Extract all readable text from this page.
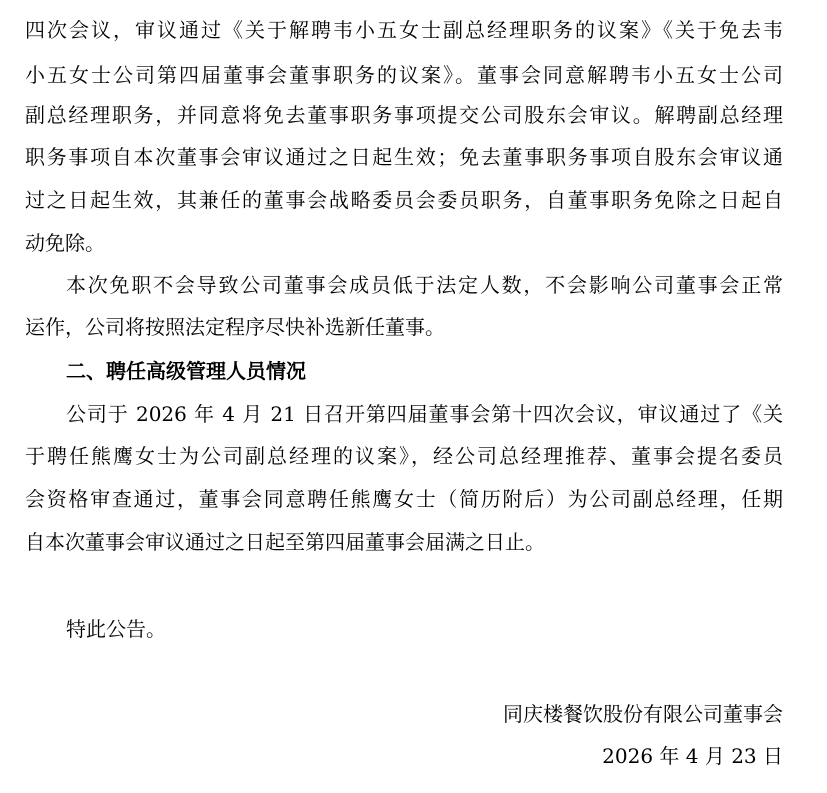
四次会议，审议通过《关于解聘韦小五女士副总经理职务的议案》《关于免去韦
小五女士公司第四届董事会董事职务的议案》。董事会同意解聘韦小五女士公司
副总经理职务，并同意将免去董事职务事项提交公司股东会审议。解聘副总经理
职务事项自本次董事会审议通过之日起生效；免去董事职务事项自股东会审议通
过之日起生效，其兼任的董事会战略委员会委员职务，自董事职务免除之日起自
动免除。
本次免职不会导致公司董事会成员低于法定人数，不会影响公司董事会正常
运作，公司将按照法定程序尽快补选新任董事。
二、聘任高级管理人员情况
公司于 2026 年 4 月 21 日召开第四届董事会第十四次会议，审议通过了《关
于聘任熊鹰女士为公司副总经理的议案》，经公司总经理推荐、董事会提名委员
会资格审查通过，董事会同意聘任熊鹰女士（简历附后）为公司副总经理，任期
自本次董事会审议通过之日起至第四届董事会届满之日止。
特此公告。
同庆楼餐饮股份有限公司董事会
2026 年 4 月 23 日
